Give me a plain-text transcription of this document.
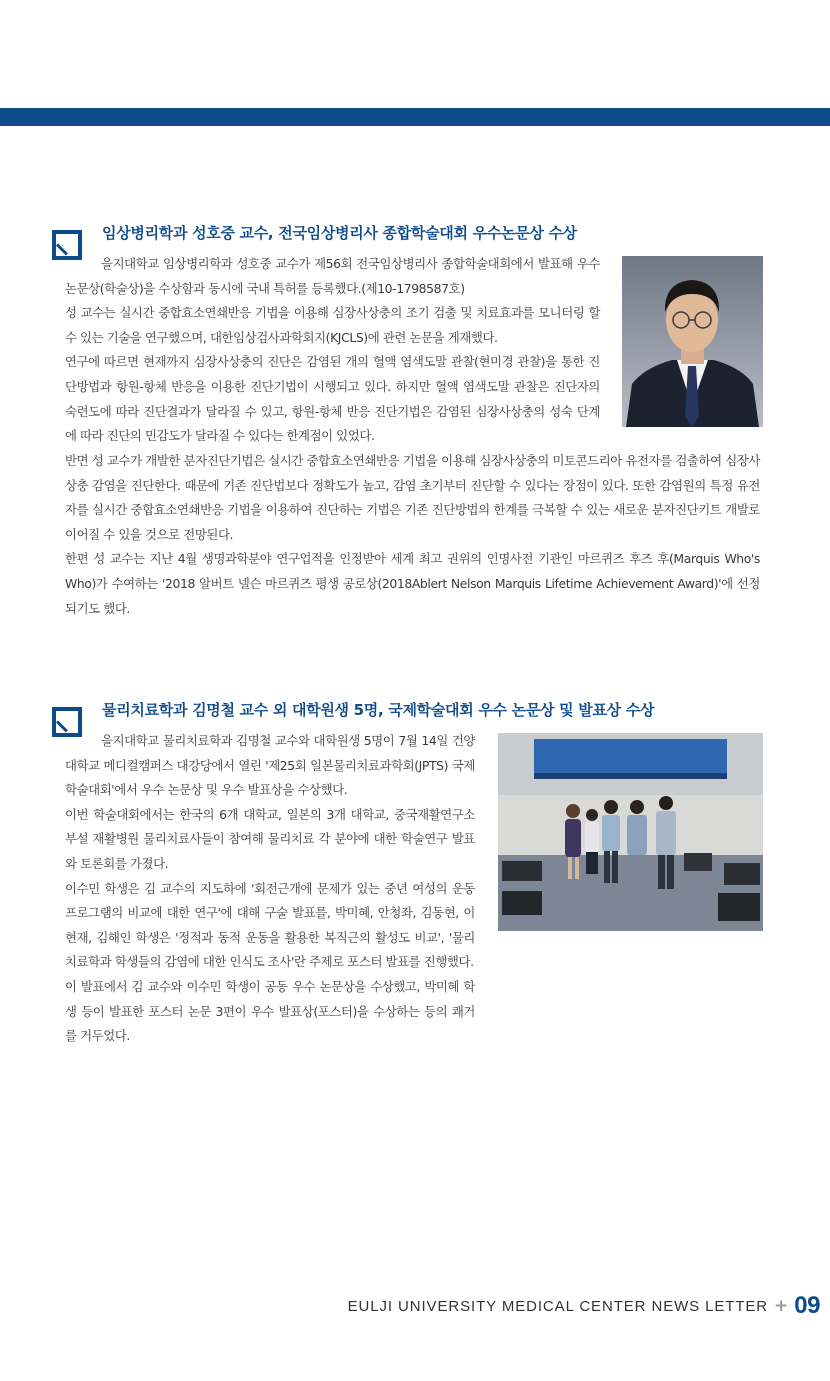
임상병리학과 성호중 교수, 전국임상병리사 종합학술대회 우수논문상 수상

을지대학교 임상병리학과 성호중 교수가 제56회 전국임상병리사 종합학술대회에서 발표해 우수논문상(학술상)을 수상함과 동시에 국내 특허를 등록했다.(제10-1798587호)

성 교수는 실시간 중합효소연쇄반응 기법을 이용해 심장사상충의 조기 검출 및 치료효과를 모니터링 할 수 있는 기술을 연구했으며, 대한임상검사과학회지(KJCLS)에 관련 논문을 게재했다.

연구에 따르면 현재까지 심장사상충의 진단은 감염된 개의 혈액 염색도말 관찰(현미경 관찰)을 통한 진단방법과 항원-항체 반응을 이용한 진단기법이 시행되고 있다. 하지만 혈액 염색도말 관찰은 진단자의 숙련도에 따라 진단결과가 달라질 수 있고, 항원-항체 반응 진단기법은 감염된 심장사상충의 성숙 단계에 따라 진단의 민감도가 달라질 수 있다는 한계점이 있었다.

반면 성 교수가 개발한 분자진단기법은 실시간 중합효소연쇄반응 기법을 이용해 심장사상충의 미토콘드리아 유전자를 검출하여 심장사상충 감염을 진단한다. 때문에 기존 진단법보다 정확도가 높고, 감염 초기부터 진단할 수 있다는 장점이 있다. 또한 감염원의 특정 유전자를 실시간 중합효소연쇄반응 기법을 이용하여 진단하는 기법은 기존 진단방법의 한계를 극복할 수 있는 새로운 분자진단키트 개발로 이어질 수 있을 것으로 전망된다.

한편 성 교수는 지난 4월 생명과학분야 연구업적을 인정받아 세계 최고 권위의 인명사전 기관인 마르퀴즈 후즈 후(Marquis Who's Who)가 수여하는 '2018 알버트 넬슨 마르퀴즈 평생 공로상(2018Ablert Nelson Marquis Lifetime Achievement Award)'에 선정되기도 했다.

물리치료학과 김명철 교수 외 대학원생 5명, 국제학술대회 우수 논문상 및 발표상 수상

을지대학교 물리치료학과 김명철 교수와 대학원생 5명이 7월 14일 건양대학교 메디컬캠퍼스 대강당에서 열린 '제25회 일본물리치료과학회(JPTS) 국제학술대회'에서 우수 논문상 및 우수 발표상을 수상했다.

이번 학술대회에서는 한국의 6개 대학교, 일본의 3개 대학교, 중국재활연구소 부설 재활병원 물리치료사들이 참여해 물리치료 각 분야에 대한 학술연구 발표와 토론회를 가졌다.

이수민 학생은 김 교수의 지도하에 '회전근개에 문제가 있는 중년 여성의 운동 프로그램의 비교에 대한 연구'에 대해 구술 발표를, 박미혜, 안청좌, 김동현, 이현재, 김해인 학생은 '정적과 동적 운동을 활용한 복직근의 활성도 비교', '물리치료학과 학생들의 감염에 대한 인식도 조사'란 주제로 포스터 발표를 진행했다.

이 발표에서 김 교수와 이수민 학생이 공동 우수 논문상을 수상했고, 박미혜 학생 등이 발표한 포스터 논문 3편이 우수 발표상(포스터)을 수상하는 등의 쾌거를 거두었다.

EULJI UNIVERSITY MEDICAL CENTER NEWS LETTER + 09
